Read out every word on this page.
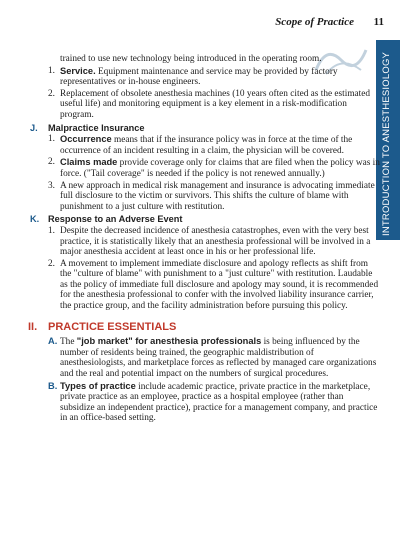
Scope of Practice 11
INTRODUCTION TO ANESTHESIOLOGY

trained to use new technology being introduced in the operating room.

1. Service. Equipment maintenance and service may be provided by factory representatives or in-house engineers.
2. Replacement of obsolete anesthesia machines (10 years often cited as the estimated useful life) and monitoring equipment is a key element in a risk-modification program.
J. Malpractice Insurance
1. Occurrence means that if the insurance policy was in force at the time of the occurrence of an incident resulting in a claim, the physician will be covered.
2. Claims made provide coverage only for claims that are filed when the policy was in force. ("Tail coverage" is needed if the policy is not renewed annually.)
3. A new approach in medical risk management and insurance is advocating immediate full disclosure to the victim or survivors. This shifts the culture of blame with punishment to a just culture with restitution.
K. Response to an Adverse Event
1. Despite the decreased incidence of anesthesia catastrophes, even with the very best practice, it is statistically likely that an anesthesia professional will be involved in a major anesthesia accident at least once in his or her professional life.
2. A movement to implement immediate disclosure and apology reflects as shift from the "culture of blame" with punishment to a "just culture" with restitution. Laudable as the policy of immediate full disclosure and apology may sound, it is recommended for the anesthesia professional to confer with the involved liability insurance carrier, the practice group, and the facility administration before pursuing this policy.
II. PRACTICE ESSENTIALS
A. The "job market" for anesthesia professionals is being influenced by the number of residents being trained, the geographic maldistribution of anesthesiologists, and marketplace forces as reflected by managed care organizations and the real and potential impact on the numbers of surgical procedures.
B. Types of practice include academic practice, private practice in the marketplace, private practice as an employee, practice as a hospital employee (rather than subsidize an independent practice), practice for a management company, and practice in an office-based setting.
